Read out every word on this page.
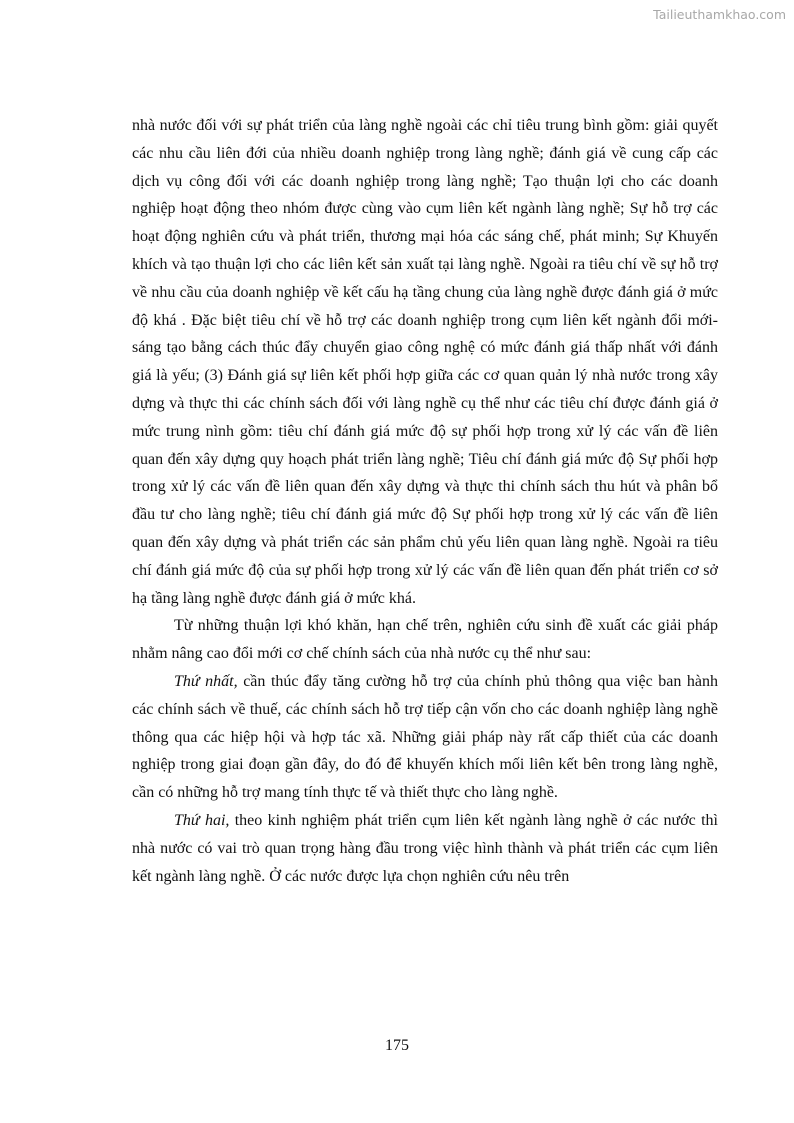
Tailieuthamkhao.com

nhà nước đối với sự phát triển của làng nghề ngoài các chỉ tiêu trung bình gồm: giải quyết các nhu cầu liên đới của nhiều doanh nghiệp trong làng nghề; đánh giá về cung cấp các dịch vụ công đối với các doanh nghiệp trong làng nghề; Tạo thuận lợi cho các doanh nghiệp hoạt động theo nhóm được cùng vào cụm liên kết ngành làng nghề; Sự hỗ trợ các hoạt động nghiên cứu và phát triển, thương mại hóa các sáng chế, phát minh; Sự Khuyến khích và tạo thuận lợi cho các liên kết sản xuất tại làng nghề. Ngoài ra tiêu chí về sự hỗ trợ về nhu cầu của doanh nghiệp về kết cấu hạ tầng chung của làng nghề được đánh giá ở mức độ khá . Đặc biệt tiêu chí về hỗ trợ các doanh nghiệp trong cụm liên kết ngành đổi mới-sáng tạo bằng cách thúc đẩy chuyển giao công nghệ có mức đánh giá thấp nhất với đánh giá là yếu; (3) Đánh giá sự liên kết phối hợp giữa các cơ quan quản lý nhà nước trong xây dựng và thực thi các chính sách đối với làng nghề cụ thể như các tiêu chí được đánh giá ở mức trung nình gồm: tiêu chí đánh giá mức độ sự phối hợp trong xử lý các vấn đề liên quan đến xây dựng quy hoạch phát triển làng nghề; Tiêu chí đánh giá mức độ Sự phối hợp trong xử lý các vấn đề liên quan đến xây dựng và thực thi chính sách thu hút và phân bổ đầu tư cho làng nghề; tiêu chí đánh giá mức độ Sự phối hợp trong xử lý các vấn đề liên quan đến xây dựng và phát triển các sản phẩm chủ yếu liên quan làng nghề. Ngoài ra tiêu chí đánh giá mức độ của sự phối hợp trong xử lý các vấn đề liên quan đến phát triển cơ sở hạ tầng làng nghề được đánh giá ở mức khá.

Từ những thuận lợi khó khăn, hạn chế trên, nghiên cứu sinh đề xuất các giải pháp nhằm nâng cao đổi mới cơ chế chính sách của nhà nước cụ thể như sau:

Thứ nhất, cần thúc đẩy tăng cường hỗ trợ của chính phủ thông qua việc ban hành các chính sách về thuế, các chính sách hỗ trợ tiếp cận vốn cho các doanh nghiệp làng nghề thông qua các hiệp hội và hợp tác xã. Những giải pháp này rất cấp thiết của các doanh nghiệp trong giai đoạn gần đây, do đó để khuyến khích mối liên kết bên trong làng nghề, cần có những hỗ trợ mang tính thực tế và thiết thực cho làng nghề.

Thứ hai, theo kinh nghiệm phát triển cụm liên kết ngành làng nghề ở các nước thì nhà nước có vai trò quan trọng hàng đầu trong việc hình thành và phát triển các cụm liên kết ngành làng nghề. Ở các nước được lựa chọn nghiên cứu nêu trên

175
